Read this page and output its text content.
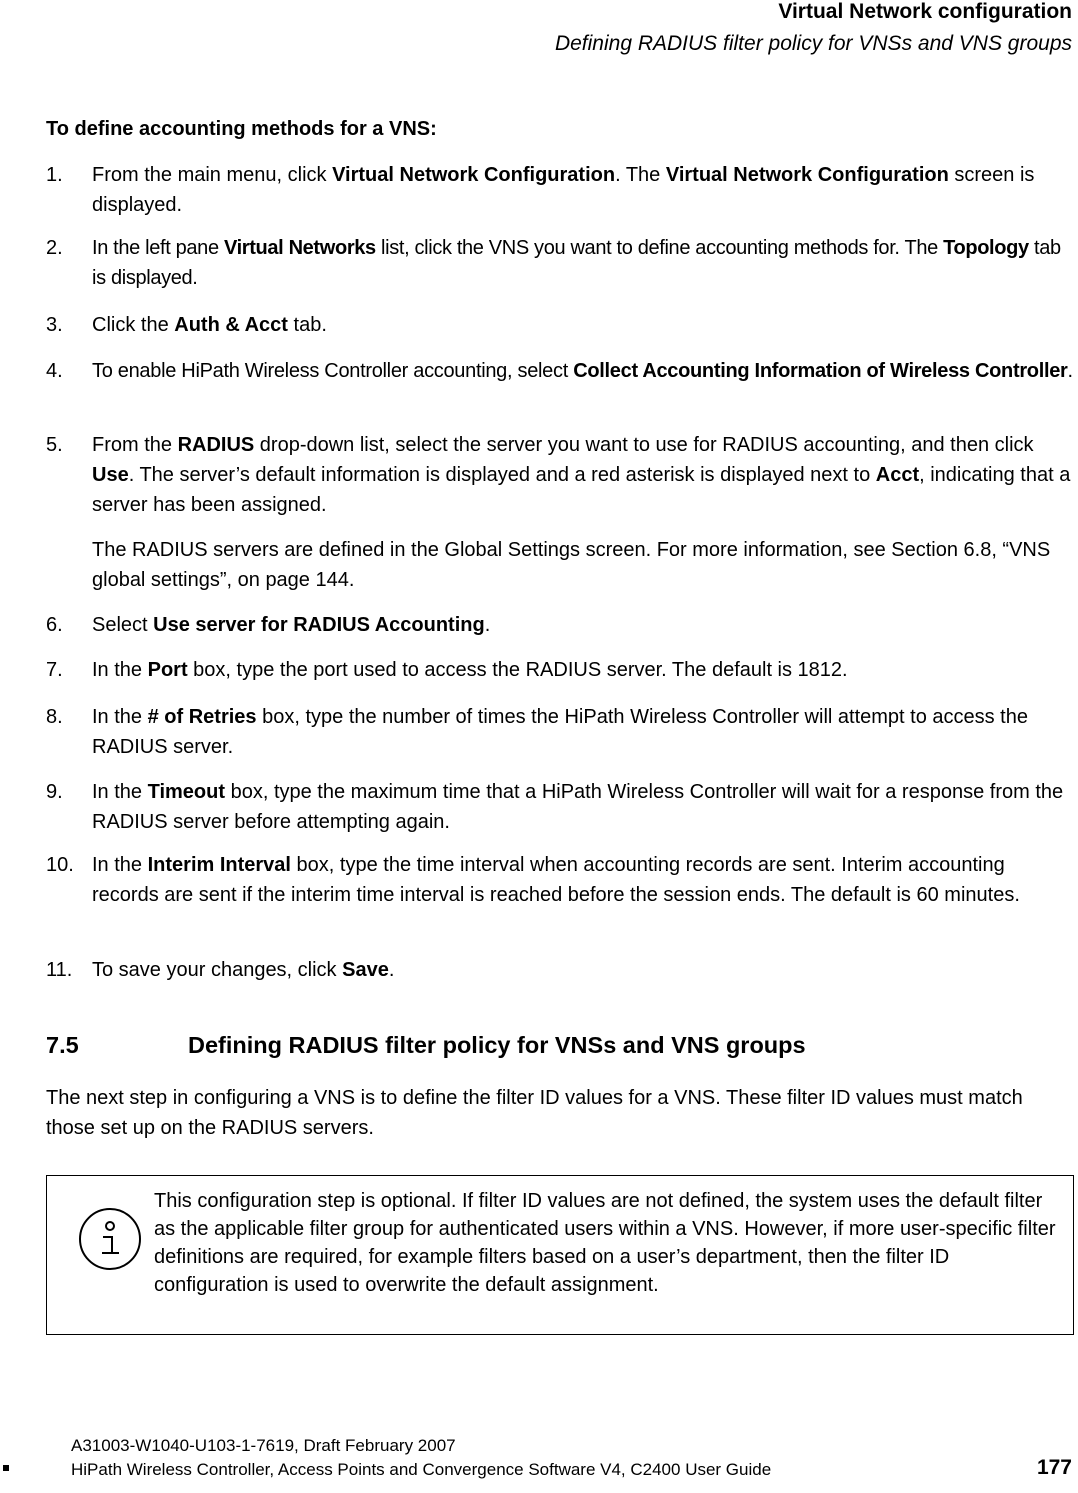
Virtual Network configuration
Defining RADIUS filter policy for VNSs and VNS groups
To define accounting methods for a VNS:
1.	From the main menu, click Virtual Network Configuration. The Virtual Network Configuration screen is displayed.
2.	In the left pane Virtual Networks list, click the VNS you want to define accounting methods for. The Topology tab is displayed.
3.	Click the Auth & Acct tab.
4.	To enable HiPath Wireless Controller accounting, select Collect Accounting Information of Wireless Controller.
5.	From the RADIUS drop-down list, select the server you want to use for RADIUS accounting, and then click Use. The server’s default information is displayed and a red asterisk is displayed next to Acct, indicating that a server has been assigned.
The RADIUS servers are defined in the Global Settings screen. For more information, see Section 6.8, “VNS global settings”, on page 144.
6.	Select Use server for RADIUS Accounting.
7.	In the Port box, type the port used to access the RADIUS server. The default is 1812.
8.	In the # of Retries box, type the number of times the HiPath Wireless Controller will attempt to access the RADIUS server.
9.	In the Timeout box, type the maximum time that a HiPath Wireless Controller will wait for a response from the RADIUS server before attempting again.
10. In the Interim Interval box, type the time interval when accounting records are sent. Interim accounting records are sent if the interim time interval is reached before the session ends. The default is 60 minutes.
11. To save your changes, click Save.
7.5	Defining RADIUS filter policy for VNSs and VNS groups
The next step in configuring a VNS is to define the filter ID values for a VNS. These filter ID values must match those set up on the RADIUS servers.
This configuration step is optional. If filter ID values are not defined, the system uses the default filter as the applicable filter group for authenticated users within a VNS. However, if more user-specific filter definitions are required, for example filters based on a user’s department, then the filter ID configuration is used to overwrite the default assignment.
A31003-W1040-U103-1-7619, Draft February 2007
HiPath Wireless Controller, Access Points and Convergence Software V4, C2400 User Guide	177
